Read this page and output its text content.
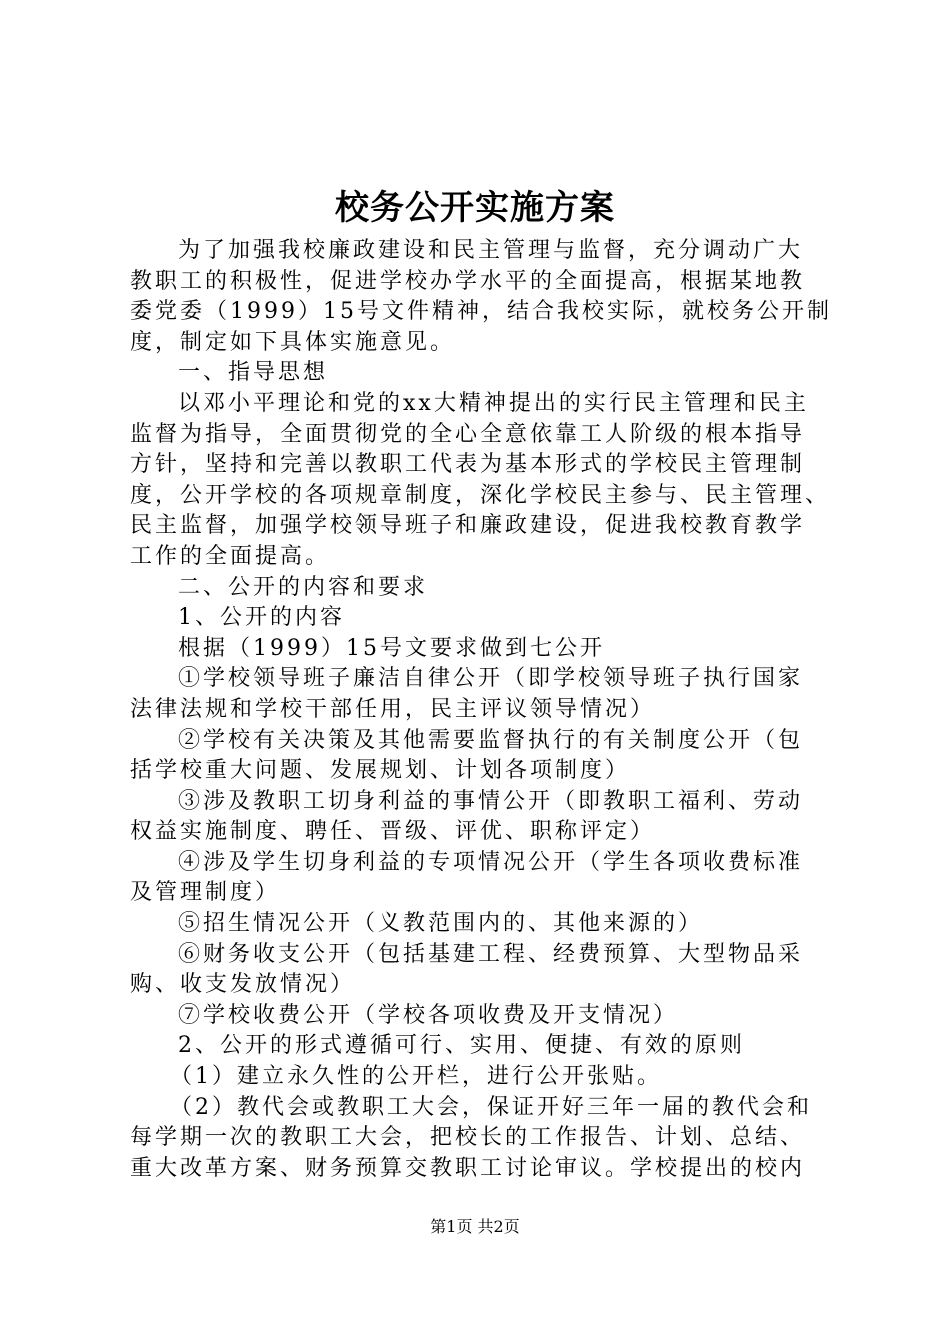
校务公开实施方案
为了加强我校廉政建设和民主管理与监督，充分调动广大
教职工的积极性，促进学校办学水平的全面提高，根据某地教
委党委（1999）15号文件精神，结合我校实际，就校务公开制
度，制定如下具体实施意见。
一、指导思想
以邓小平理论和党的xx大精神提出的实行民主管理和民主
监督为指导，全面贯彻党的全心全意依靠工人阶级的根本指导
方针，坚持和完善以教职工代表为基本形式的学校民主管理制
度，公开学校的各项规章制度，深化学校民主参与、民主管理、
民主监督，加强学校领导班子和廉政建设，促进我校教育教学
工作的全面提高。
二、公开的内容和要求
1、公开的内容
根据（1999）15号文要求做到七公开
①学校领导班子廉洁自律公开（即学校领导班子执行国家
法律法规和学校干部任用，民主评议领导情况）
②学校有关决策及其他需要监督执行的有关制度公开（包
括学校重大问题、发展规划、计划各项制度）
③涉及教职工切身利益的事情公开（即教职工福利、劳动
权益实施制度、聘任、晋级、评优、职称评定）
④涉及学生切身利益的专项情况公开（学生各项收费标准
及管理制度）
⑤招生情况公开（义教范围内的、其他来源的）
⑥财务收支公开（包括基建工程、经费预算、大型物品采
购、收支发放情况）
⑦学校收费公开（学校各项收费及开支情况）
2、公开的形式遵循可行、实用、便捷、有效的原则
（1）建立永久性的公开栏，进行公开张贴。
（2）教代会或教职工大会，保证开好三年一届的教代会和
每学期一次的教职工大会，把校长的工作报告、计划、总结、
重大改革方案、财务预算交教职工讨论审议。学校提出的校内
第1页 共2页
